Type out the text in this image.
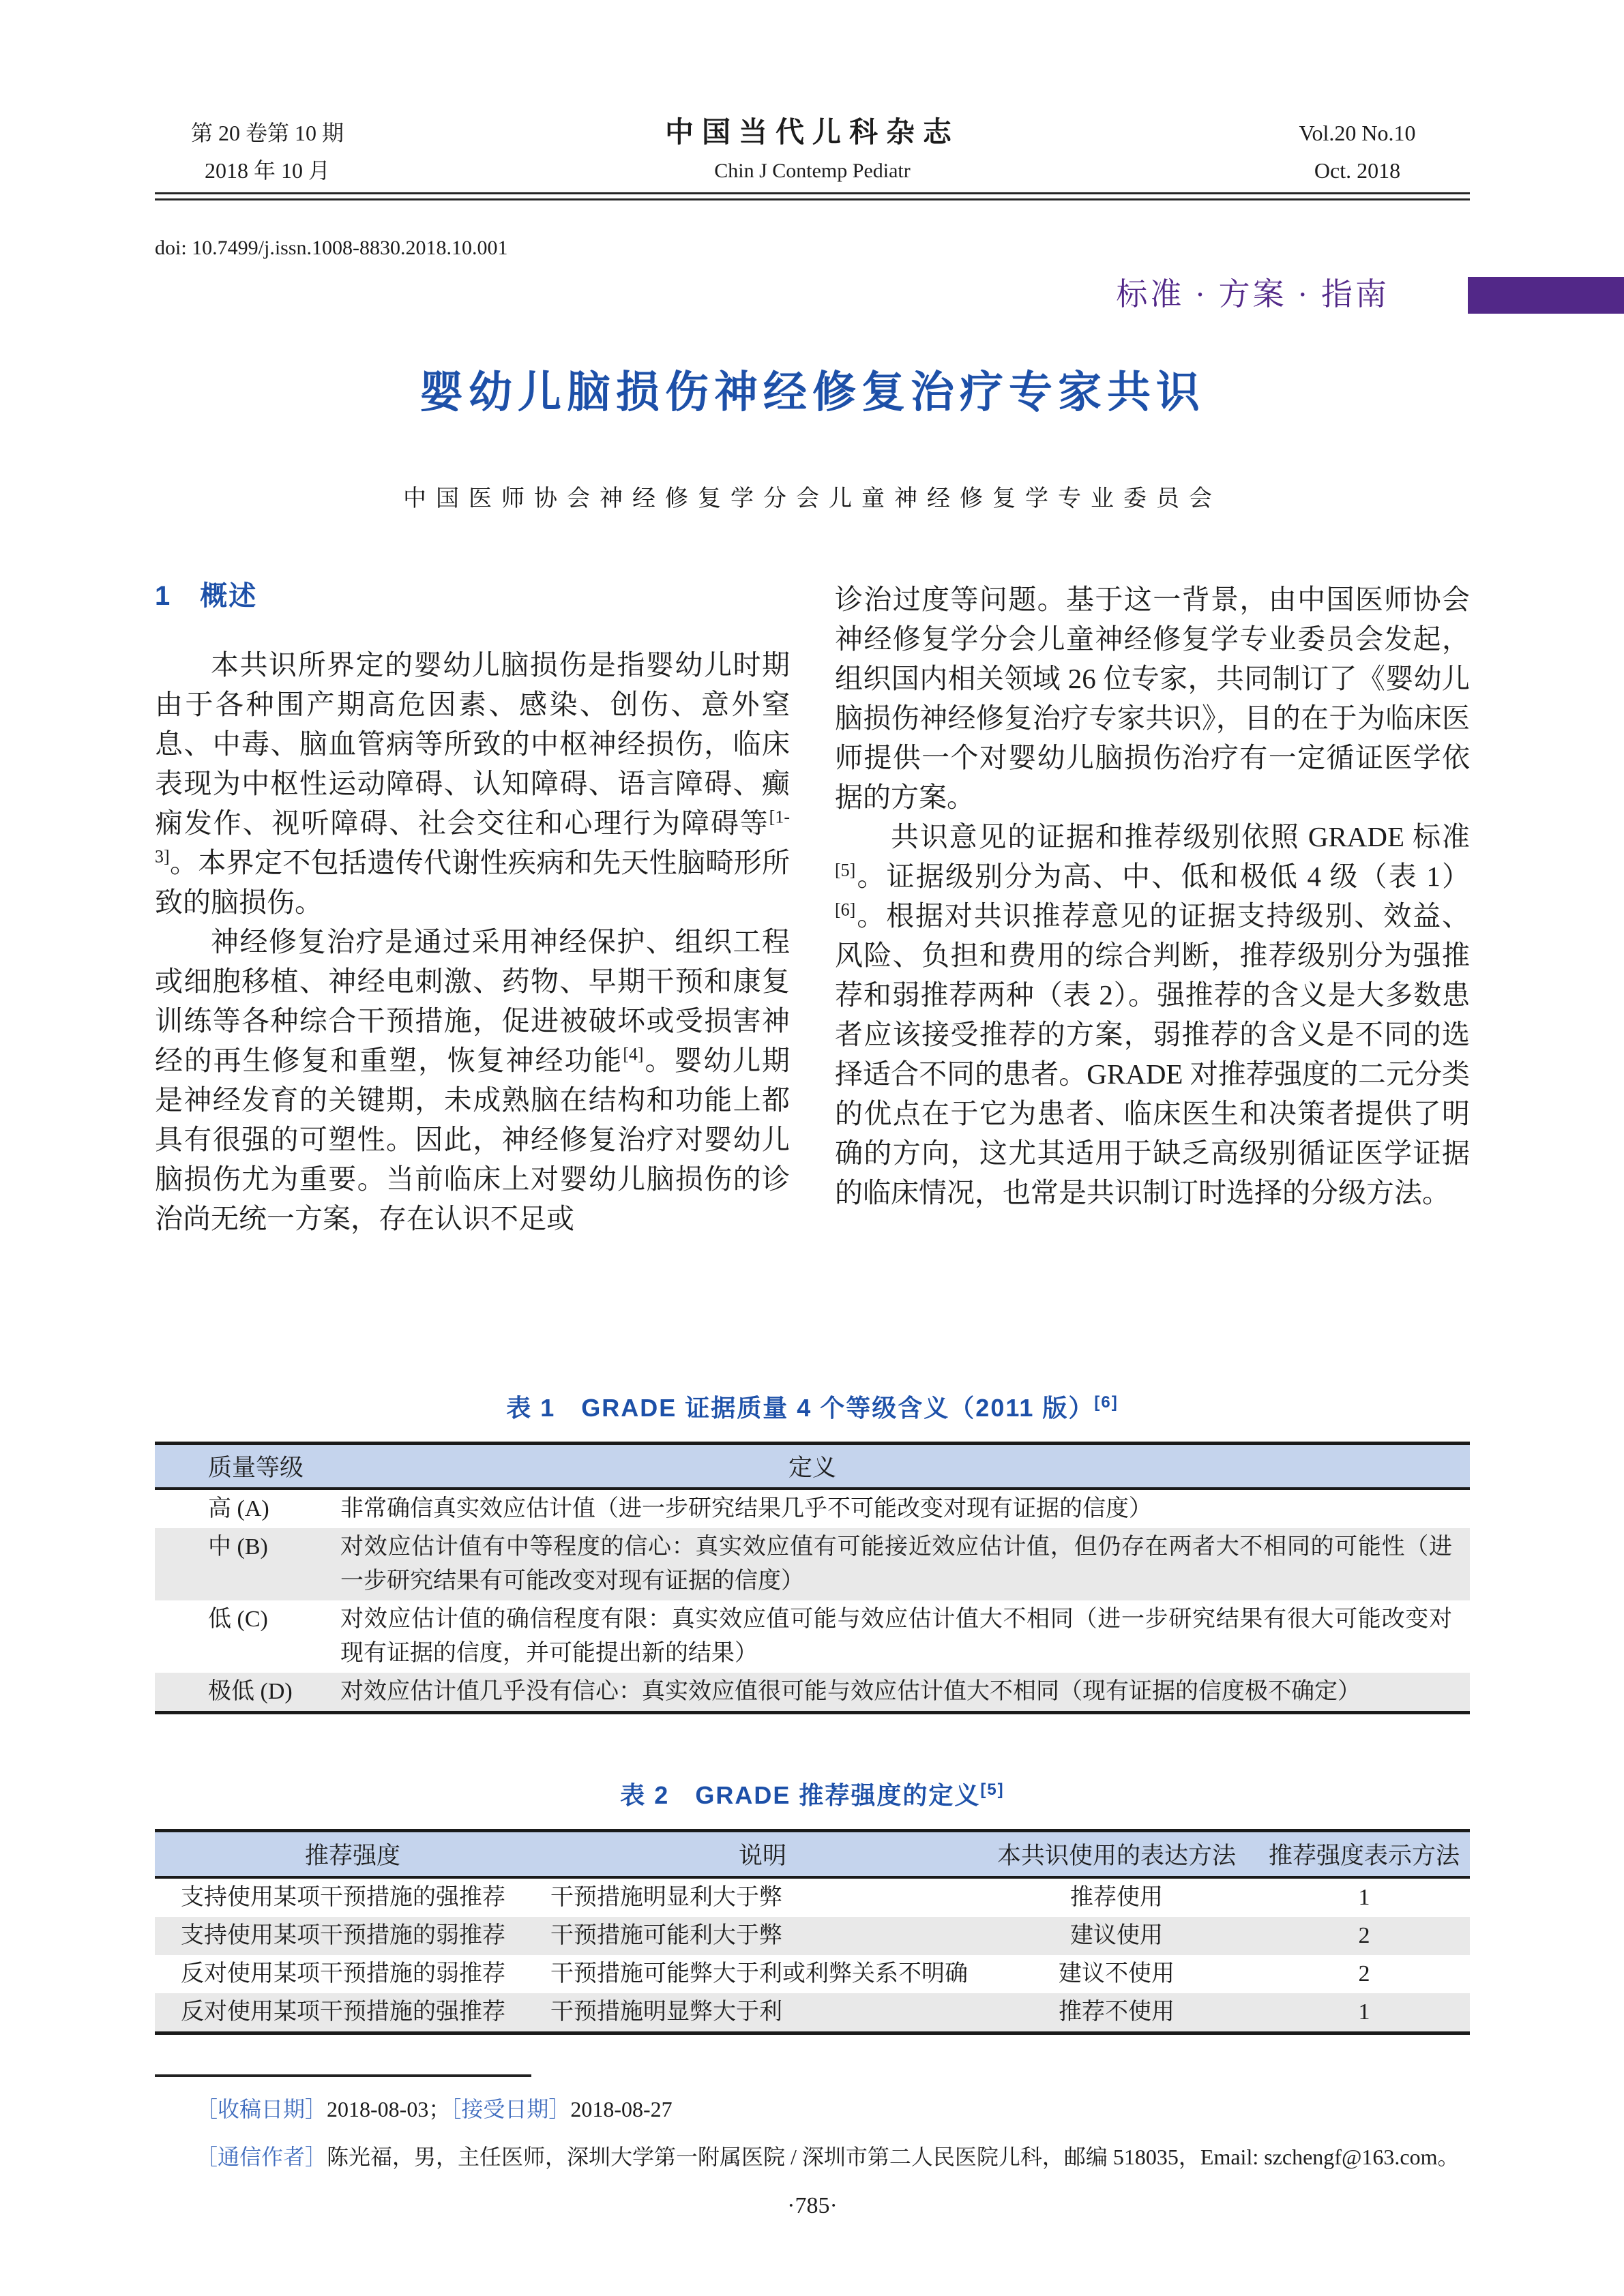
第 20 卷第 10 期
2018 年 10 月
中国当代儿科杂志
Chin J Contemp Pediatr
Vol.20 No.10
Oct. 2018
doi: 10.7499/j.issn.1008-8830.2018.10.001
标准 · 方案 · 指南
婴幼儿脑损伤神经修复治疗专家共识
中国医师协会神经修复学分会儿童神经修复学专业委员会
1　概述

本共识所界定的婴幼儿脑损伤是指婴幼儿时期由于各种围产期高危因素、感染、创伤、意外窒息、中毒、脑血管病等所致的中枢神经损伤，临床表现为中枢性运动障碍、认知障碍、语言障碍、癫痫发作、视听障碍、社会交往和心理行为障碍等[1-3]。本界定不包括遗传代谢性疾病和先天性脑畸形所致的脑损伤。

神经修复治疗是通过采用神经保护、组织工程或细胞移植、神经电刺激、药物、早期干预和康复训练等各种综合干预措施，促进被破坏或受损害神经的再生修复和重塑，恢复神经功能[4]。婴幼儿期是神经发育的关键期，未成熟脑在结构和功能上都具有很强的可塑性。因此，神经修复治疗对婴幼儿脑损伤尤为重要。当前临床上对婴幼儿脑损伤的诊治尚无统一方案，存在认识不足或

诊治过度等问题。基于这一背景，由中国医师协会神经修复学分会儿童神经修复学专业委员会发起，组织国内相关领域 26 位专家，共同制订了《婴幼儿脑损伤神经修复治疗专家共识》，目的在于为临床医师提供一个对婴幼儿脑损伤治疗有一定循证医学依据的方案。

共识意见的证据和推荐级别依照 GRADE 标准[5]。证据级别分为高、中、低和极低 4 级（表 1）[6]。根据对共识推荐意见的证据支持级别、效益、风险、负担和费用的综合判断，推荐级别分为强推荐和弱推荐两种（表 2）。强推荐的含义是大多数患者应该接受推荐的方案，弱推荐的含义是不同的选择适合不同的患者。GRADE 对推荐强度的二元分类的优点在于它为患者、临床医生和决策者提供了明确的方向，这尤其适用于缺乏高级别循证医学证据的临床情况，也常是共识制订时选择的分级方法。

表 1　GRADE 证据质量 4 个等级含义（2011 版）[6]
质量等级	定义
高 (A)	非常确信真实效应估计值（进一步研究结果几乎不可能改变对现有证据的信度）
中 (B)	对效应估计值有中等程度的信心：真实效应值有可能接近效应估计值，但仍存在两者大不相同的可能性（进一步研究结果有可能改变对现有证据的信度）
低 (C)	对效应估计值的确信程度有限：真实效应值可能与效应估计值大不相同（进一步研究结果有很大可能改变对现有证据的信度，并可能提出新的结果）
极低 (D)	对效应估计值几乎没有信心：真实效应值很可能与效应估计值大不相同（现有证据的信度极不确定）
表 2　GRADE 推荐强度的定义[5]
推荐强度	说明	本共识使用的表达方法	推荐强度表示方法
支持使用某项干预措施的强推荐	干预措施明显利大于弊	推荐使用	1
支持使用某项干预措施的弱推荐	干预措施可能利大于弊	建议使用	2
反对使用某项干预措施的弱推荐	干预措施可能弊大于利或利弊关系不明确	建议不使用	2
反对使用某项干预措施的强推荐	干预措施明显弊大于利	推荐不使用	1
［收稿日期］2018-08-03；［接受日期］2018-08-27
［通信作者］陈光福，男，主任医师，深圳大学第一附属医院 / 深圳市第二人民医院儿科，邮编 518035，Email: szchengf@163.com。
·785·
